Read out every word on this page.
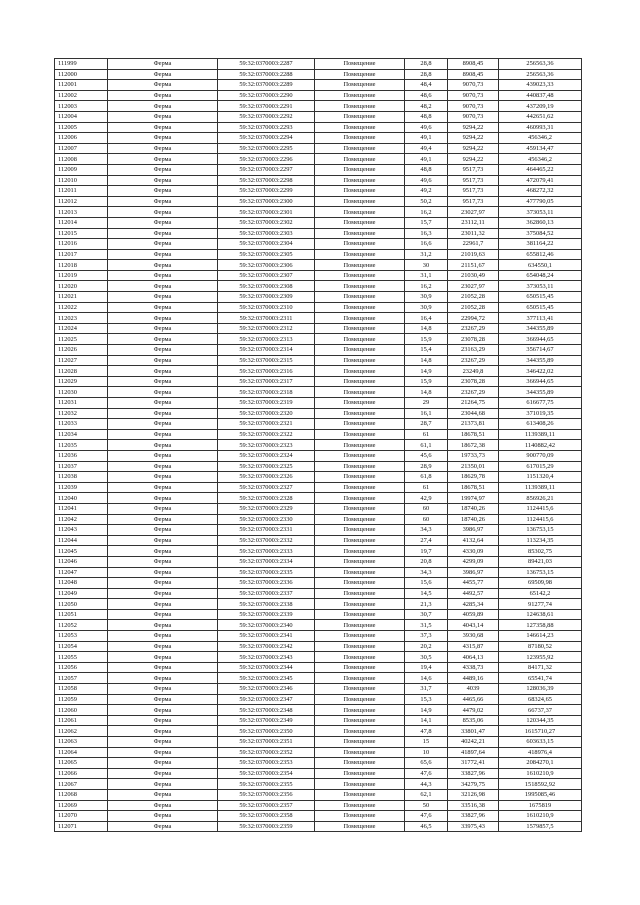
111999	Ферма	59:32:0370003:2287	Помещение	28,8	8908,45	256563,36
112000	Ферма	59:32:0370003:2288	Помещение	28,8	8908,45	256563,36
112001	Ферма	59:32:0370003:2289	Помещение	48,4	9070,73	439023,33
112002	Ферма	59:32:0370003:2290	Помещение	48,6	9070,73	440837,48
112003	Ферма	59:32:0370003:2291	Помещение	48,2	9070,73	437209,19
112004	Ферма	59:32:0370003:2292	Помещение	48,8	9070,73	442651,62
112005	Ферма	59:32:0370003:2293	Помещение	49,6	9294,22	460993,31
112006	Ферма	59:32:0370003:2294	Помещение	49,1	9294,22	456346,2
112007	Ферма	59:32:0370003:2295	Помещение	49,4	9294,22	459134,47
112008	Ферма	59:32:0370003:2296	Помещение	49,1	9294,22	456346,2
112009	Ферма	59:32:0370003:2297	Помещение	48,8	9517,73	464465,22
112010	Ферма	59:32:0370003:2298	Помещение	49,6	9517,73	472079,41
112011	Ферма	59:32:0370003:2299	Помещение	49,2	9517,73	468272,32
112012	Ферма	59:32:0370003:2300	Помещение	50,2	9517,73	477790,05
112013	Ферма	59:32:0370003:2301	Помещение	16,2	23027,97	373053,11
112014	Ферма	59:32:0370003:2302	Помещение	15,7	23112,11	362860,13
112015	Ферма	59:32:0370003:2303	Помещение	16,3	23011,32	375084,52
112016	Ферма	59:32:0370003:2304	Помещение	16,6	22961,7	381164,22
112017	Ферма	59:32:0370003:2305	Помещение	31,2	21019,63	655812,46
112018	Ферма	59:32:0370003:2306	Помещение	30	21151,67	634550,1
112019	Ферма	59:32:0370003:2307	Помещение	31,1	21030,49	654048,24
112020	Ферма	59:32:0370003:2308	Помещение	16,2	23027,97	373053,11
112021	Ферма	59:32:0370003:2309	Помещение	30,9	21052,28	650515,45
112022	Ферма	59:32:0370003:2310	Помещение	30,9	21052,28	650515,45
112023	Ферма	59:32:0370003:2311	Помещение	16,4	22994,72	377113,41
112024	Ферма	59:32:0370003:2312	Помещение	14,8	23267,29	344355,89
112025	Ферма	59:32:0370003:2313	Помещение	15,9	23078,28	366944,65
112026	Ферма	59:32:0370003:2314	Помещение	15,4	23163,29	356714,67
112027	Ферма	59:32:0370003:2315	Помещение	14,8	23267,29	344355,89
112028	Ферма	59:32:0370003:2316	Помещение	14,9	23249,8	346422,02
112029	Ферма	59:32:0370003:2317	Помещение	15,9	23078,28	366944,65
112030	Ферма	59:32:0370003:2318	Помещение	14,8	23267,29	344355,89
112031	Ферма	59:32:0370003:2319	Помещение	29	21264,75	616677,75
112032	Ферма	59:32:0370003:2320	Помещение	16,1	23044,68	371019,35
112033	Ферма	59:32:0370003:2321	Помещение	28,7	21373,81	613408,26
112034	Ферма	59:32:0370003:2322	Помещение	61	18678,51	1139389,11
112035	Ферма	59:32:0370003:2323	Помещение	61,1	18672,38	1140882,42
112036	Ферма	59:32:0370003:2324	Помещение	45,6	19733,73	900770,09
112037	Ферма	59:32:0370003:2325	Помещение	28,9	21350,01	617015,29
112038	Ферма	59:32:0370003:2326	Помещение	61,8	18629,78	1151320,4
112039	Ферма	59:32:0370003:2327	Помещение	61	18678,51	1139389,11
112040	Ферма	59:32:0370003:2328	Помещение	42,9	19974,97	856926,21
112041	Ферма	59:32:0370003:2329	Помещение	60	18740,26	1124415,6
112042	Ферма	59:32:0370003:2330	Помещение	60	18740,26	1124415,6
112043	Ферма	59:32:0370003:2331	Помещение	34,3	3986,97	136753,15
112044	Ферма	59:32:0370003:2332	Помещение	27,4	4132,64	113234,35
112045	Ферма	59:32:0370003:2333	Помещение	19,7	4330,09	85302,75
112046	Ферма	59:32:0370003:2334	Помещение	20,8	4299,09	89421,03
112047	Ферма	59:32:0370003:2335	Помещение	34,3	3986,97	136753,15
112048	Ферма	59:32:0370003:2336	Помещение	15,6	4455,77	69509,98
112049	Ферма	59:32:0370003:2337	Помещение	14,5	4492,57	65142,2
112050	Ферма	59:32:0370003:2338	Помещение	21,3	4285,34	91277,74
112051	Ферма	59:32:0370003:2339	Помещение	30,7	4059,89	124638,61
112052	Ферма	59:32:0370003:2340	Помещение	31,5	4043,14	127358,88
112053	Ферма	59:32:0370003:2341	Помещение	37,3	3930,68	146614,23
112054	Ферма	59:32:0370003:2342	Помещение	20,2	4315,87	87180,52
112055	Ферма	59:32:0370003:2343	Помещение	30,5	4064,13	123955,92
112056	Ферма	59:32:0370003:2344	Помещение	19,4	4338,73	84171,32
112057	Ферма	59:32:0370003:2345	Помещение	14,6	4489,16	65541,74
112058	Ферма	59:32:0370003:2346	Помещение	31,7	4039	128036,39
112059	Ферма	59:32:0370003:2347	Помещение	15,3	4465,66	68324,65
112060	Ферма	59:32:0370003:2348	Помещение	14,9	4479,02	66737,37
112061	Ферма	59:32:0370003:2349	Помещение	14,1	8535,06	120344,35
112062	Ферма	59:32:0370003:2350	Помещение	47,8	33801,47	1615710,27
112063	Ферма	59:32:0370003:2351	Помещение	15	40242,21	603633,15
112064	Ферма	59:32:0370003:2352	Помещение	10	41897,64	418976,4
112065	Ферма	59:32:0370003:2353	Помещение	65,6	31772,41	2084270,1
112066	Ферма	59:32:0370003:2354	Помещение	47,6	33827,96	1610210,9
112067	Ферма	59:32:0370003:2355	Помещение	44,3	34279,75	1518592,92
112068	Ферма	59:32:0370003:2356	Помещение	62,1	32126,98	1995085,46
112069	Ферма	59:32:0370003:2357	Помещение	50	33516,38	1675819
112070	Ферма	59:32:0370003:2358	Помещение	47,6	33827,96	1610210,9
112071	Ферма	59:32:0370003:2359	Помещение	46,5	33975,43	1579857,5
